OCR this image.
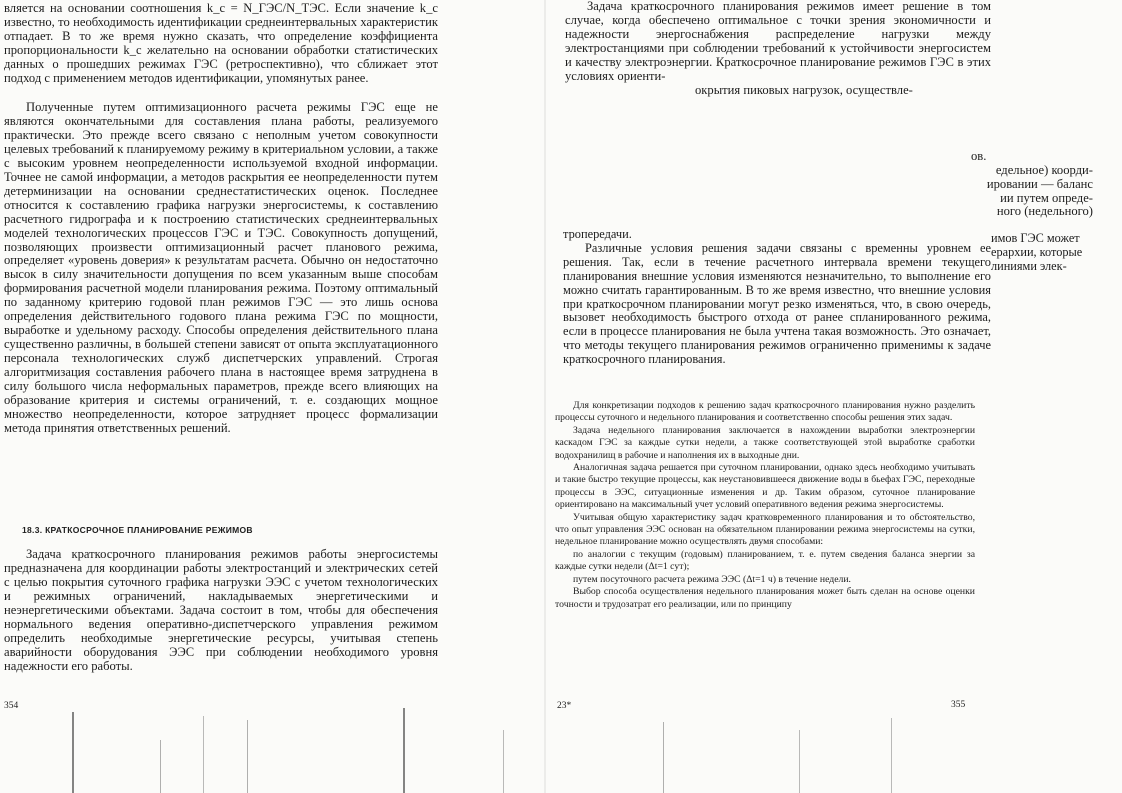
вляется на основании соотношения k_c = N_ГЭС/N_ТЭС. Если значение k_c известно, то необходимость идентификации среднеинтервальных характеристик отпадает. В то же время нужно сказать, что определение коэффициента пропорциональности k_c желательно на основании обработки статистических данных о прошедших режимах ГЭС (ретроспективно), что сближает этот подход с применением методов идентификации, упомянутых ранее.

Полученные путем оптимизационного расчета режимы ГЭС еще не являются окончательными для составления плана работы, реализуемого практически. Это прежде всего связано с неполным учетом совокупности целевых требований к планируемому режиму в критериальном условии, а также с высоким уровнем неопределенности используемой входной информации. Точнее не самой информации, а методов раскрытия ее неопределенности путем детерминизации на основании среднестатистических оценок. Последнее относится к составлению графика нагрузки энергосистемы, к составлению расчетного гидрографа и к построению статистических среднеинтервальных моделей технологических процессов ГЭС и ТЭС. Совокупность допущений, позволяющих произвести оптимизационный расчет планового режима, определяет «уровень доверия» к результатам расчета. Обычно он недостаточно высок в силу значительности допущения по всем указанным выше способам формирования расчетной модели планирования режима. Поэтому оптимальный по заданному критерию годовой план режимов ГЭС — это лишь основа определения действительного годового плана режима ГЭС по мощности, выработке и удельному расходу. Способы определения действительного плана существенно различны, в большей степени зависят от опыта эксплуатационного персонала технологических служб диспетчерских управлений. Строгая алгоритмизация составления рабочего плана в настоящее время затруднена в силу большого числа неформальных параметров, прежде всего влияющих на образование критерия и системы ограничений, т. е. создающих мощное множество неопределенности, которое затрудняет процесс формализации метода принятия ответственных решений.

18.3. КРАТКОСРОЧНОЕ ПЛАНИРОВАНИЕ РЕЖИМОВ

Задача краткосрочного планирования режимов работы энергосистемы предназначена для координации работы электростанций и электрических сетей с целью покрытия суточного графика нагрузки ЭЭС с учетом технологических и режимных ограничений, накладываемых энергетическими и неэнергетическими объектами. Задача состоит в том, чтобы для обеспечения нормального ведения оперативно-диспетчерского управления режимом определить необходимые энергетические ресурсы, учитывая степень аварийности оборудования ЭЭС при соблюдении необходимого уровня надежности его работы.

354

Задача краткосрочного планирования режимов имеет решение в том случае, когда обеспечено оптимальное с точки зрения экономичности и надежности энергоснабжения распределение нагрузки между электростанциями при соблюдении требований к устойчивости энергосистем и качеству электроэнергии. Краткосрочное планирование режимов ГЭС в этих условиях ориенти-

окрытия пиковых нагрузок, осуществле-

ов.
едельное) коорди-
ировании — баланс
ии путем опреде-
ного (недельного)

тропередачи.

Различные условия решения задачи связаны с временны уровнем ее решения. Так, если в течение расчетного интервала времени текущего планирования внешние условия изменяются незначительно, то выполнение его можно считать гарантированным. В то же время известно, что внешние условия при краткосрочном планировании могут резко изменяться, что, в свою очередь, вызовет необходимость быстрого отхода от ранее спланированного режима, если в процессе планирования не была учтена такая возможность. Это означает, что методы текущего планирования режимов ограниченно применимы к задаче краткосрочного планирования.

имов ГЭС может
ерархии, которые
линиями элек-

Для конкретизации подходов к решению задач краткосрочного планирования нужно разделить процессы суточного и недельного планирования и соответственно способы решения этих задач.

Задача недельного планирования заключается в нахождении выработки электроэнергии каскадом ГЭС за каждые сутки недели, а также соответствующей этой выработке сработки водохранилищ в рабочие и наполнения их в выходные дни.

Аналогичная задача решается при суточном планировании, однако здесь необходимо учитывать и такие быстро текущие процессы, как неустановившееся движение воды в бьефах ГЭС, переходные процессы в ЭЭС, ситуационные изменения и др. Таким образом, суточное планирование ориентировано на максимальный учет условий оперативного ведения режима энергосистемы.

Учитывая общую характеристику задач кратковременного планирования и то обстоятельство, что опыт управления ЭЭС основан на обязательном планировании режима энергосистемы на сутки, недельное планирование можно осуществлять двумя способами:

по аналогии с текущим (годовым) планированием, т. е. путем сведения баланса энергии за каждые сутки недели (Δt=1 сут);

путем посуточного расчета режима ЭЭС (Δt=1 ч) в течение недели.

Выбор способа осуществления недельного планирования может быть сделан на основе оценки точности и трудозатрат его реализации, или по принципу

23*	355
